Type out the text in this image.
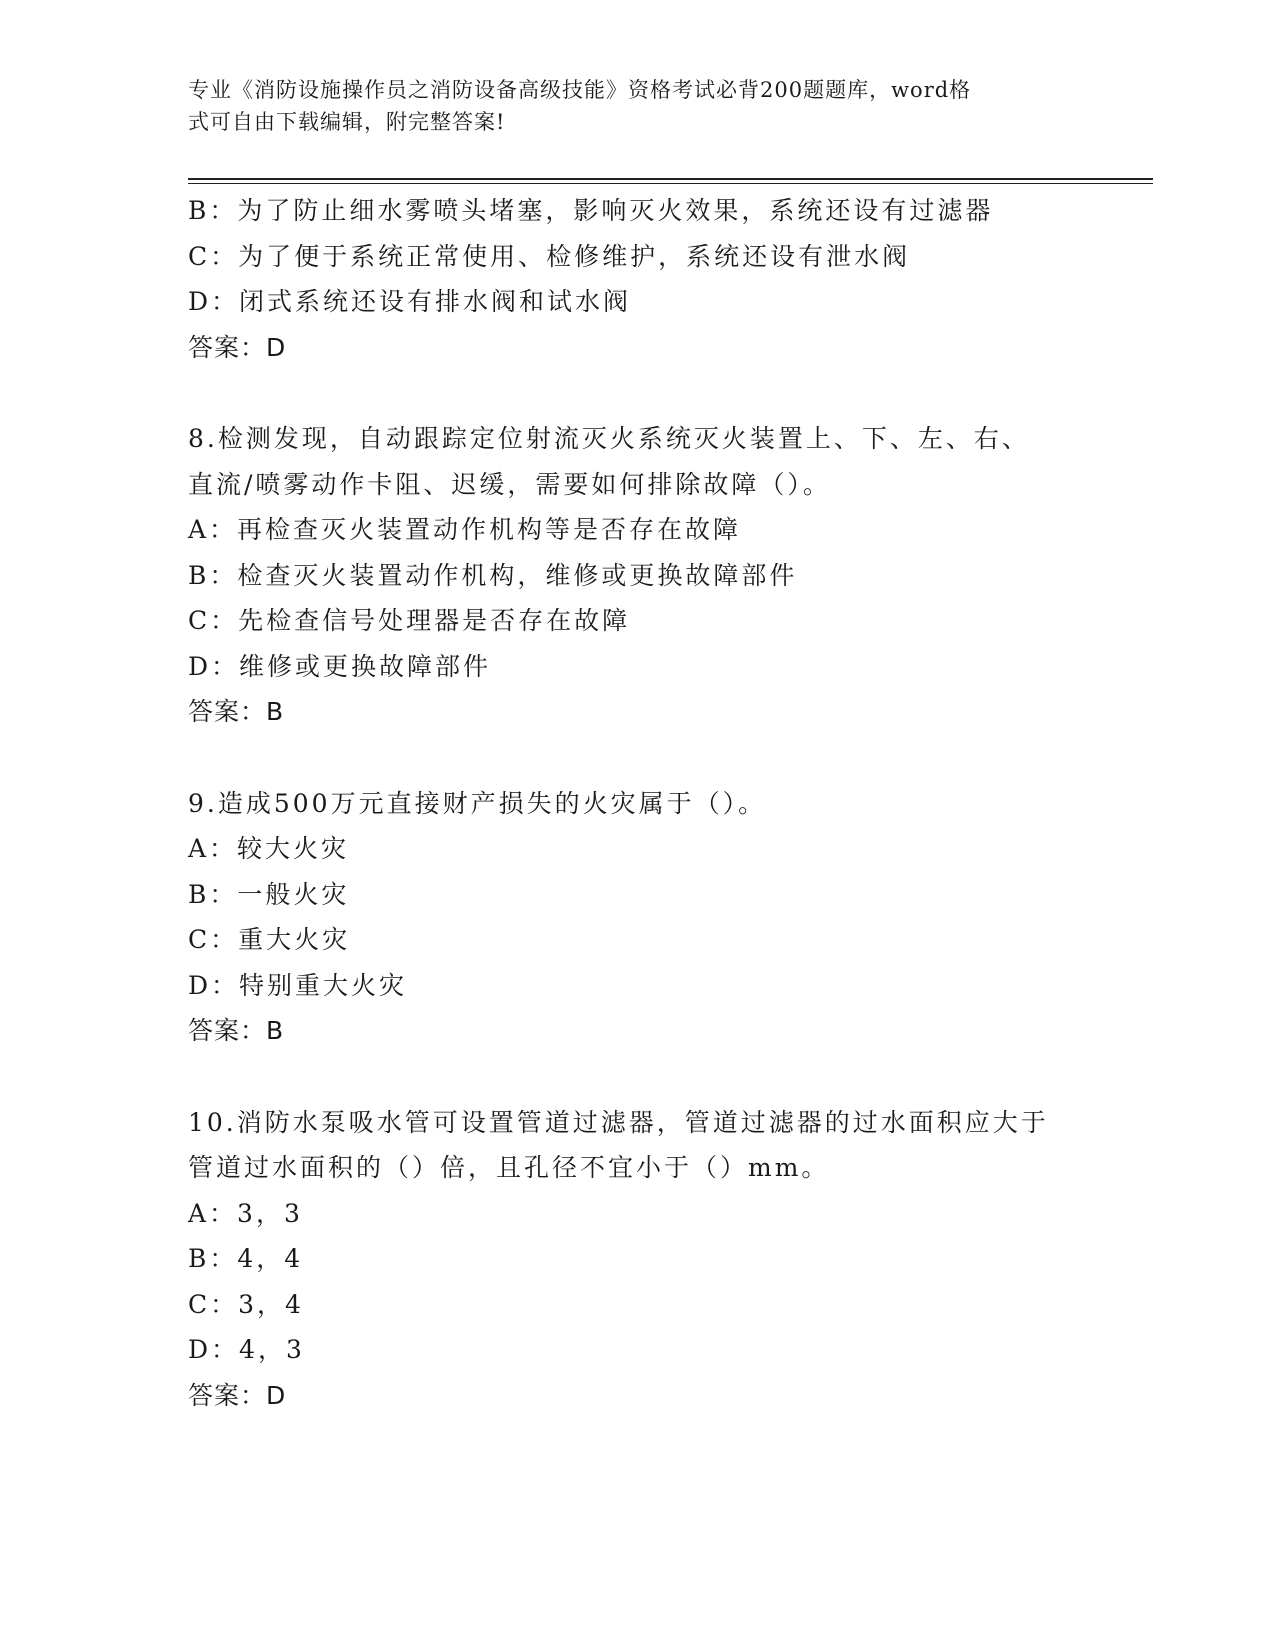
专业《消防设施操作员之消防设备高级技能》资格考试必背200题题库，word格
式可自由下载编辑，附完整答案!
B：为了防止细水雾喷头堵塞，影响灭火效果，系统还设有过滤器
C：为了便于系统正常使用、检修维护，系统还设有泄水阀
D：闭式系统还设有排水阀和试水阀
答案：D
8.检测发现，自动跟踪定位射流灭火系统灭火装置上、下、左、右、
直流/喷雾动作卡阻、迟缓，需要如何排除故障（）。
A：再检查灭火装置动作机构等是否存在故障
B：检查灭火装置动作机构，维修或更换故障部件
C：先检查信号处理器是否存在故障
D：维修或更换故障部件
答案：B
9.造成500万元直接财产损失的火灾属于（）。
A：较大火灾
B：一般火灾
C：重大火灾
D：特别重大火灾
答案：B
10.消防水泵吸水管可设置管道过滤器，管道过滤器的过水面积应大于
管道过水面积的（）倍，且孔径不宜小于（）mm。
A：3，3
B：4，4
C：3，4
D：4，3
答案：D
